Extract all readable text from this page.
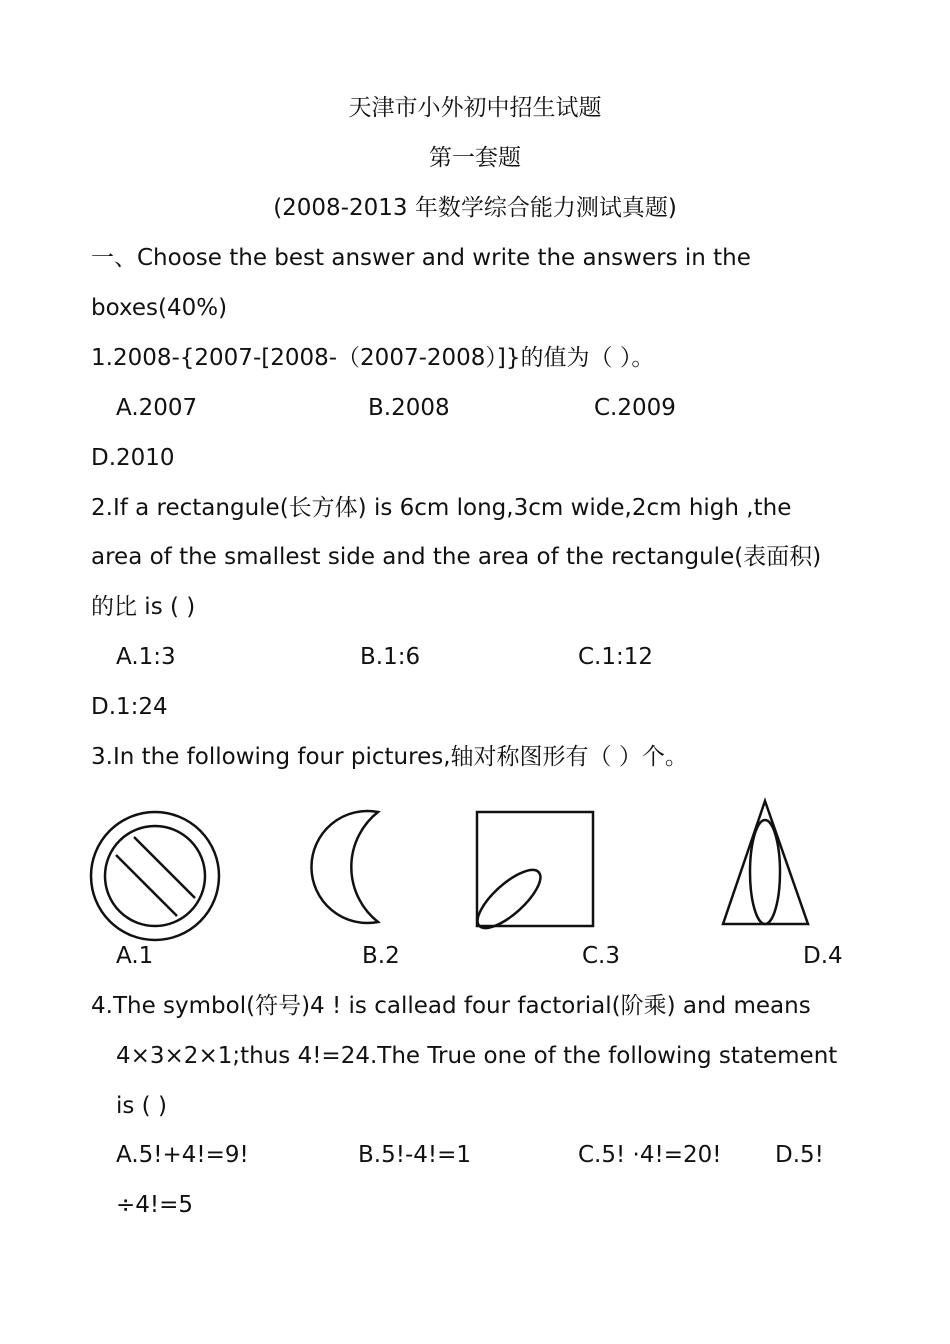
天津市小外初中招生试题
第一套题
(2008-2013 年数学综合能力测试真题)
一、Choose the best answer and write the answers in the
boxes(40%)
1.2008-{2007-[2008-（2007-2008）]}的值为（ ）。
A.2007	B.2008	C.2009
D.2010
2.If a rectangule(长方体) is 6cm long,3cm wide,2cm high ,the
area of the smallest side and the area of the rectangule(表面积)
的比 is ( )
A.1:3	B.1:6	C.1:12
D.1:24
3.In the following four pictures,轴对称图形有（ ）个。
A.1	B.2	C.3	D.4
4.The symbol(符号)4 ! is callead four factorial(阶乘) and means
4×3×2×1;thus 4!=24.The True one of the following statement
is ( )
A.5!+4!=9!	B.5!-4!=1	C.5! ·4!=20! D.5!
÷4!=5
